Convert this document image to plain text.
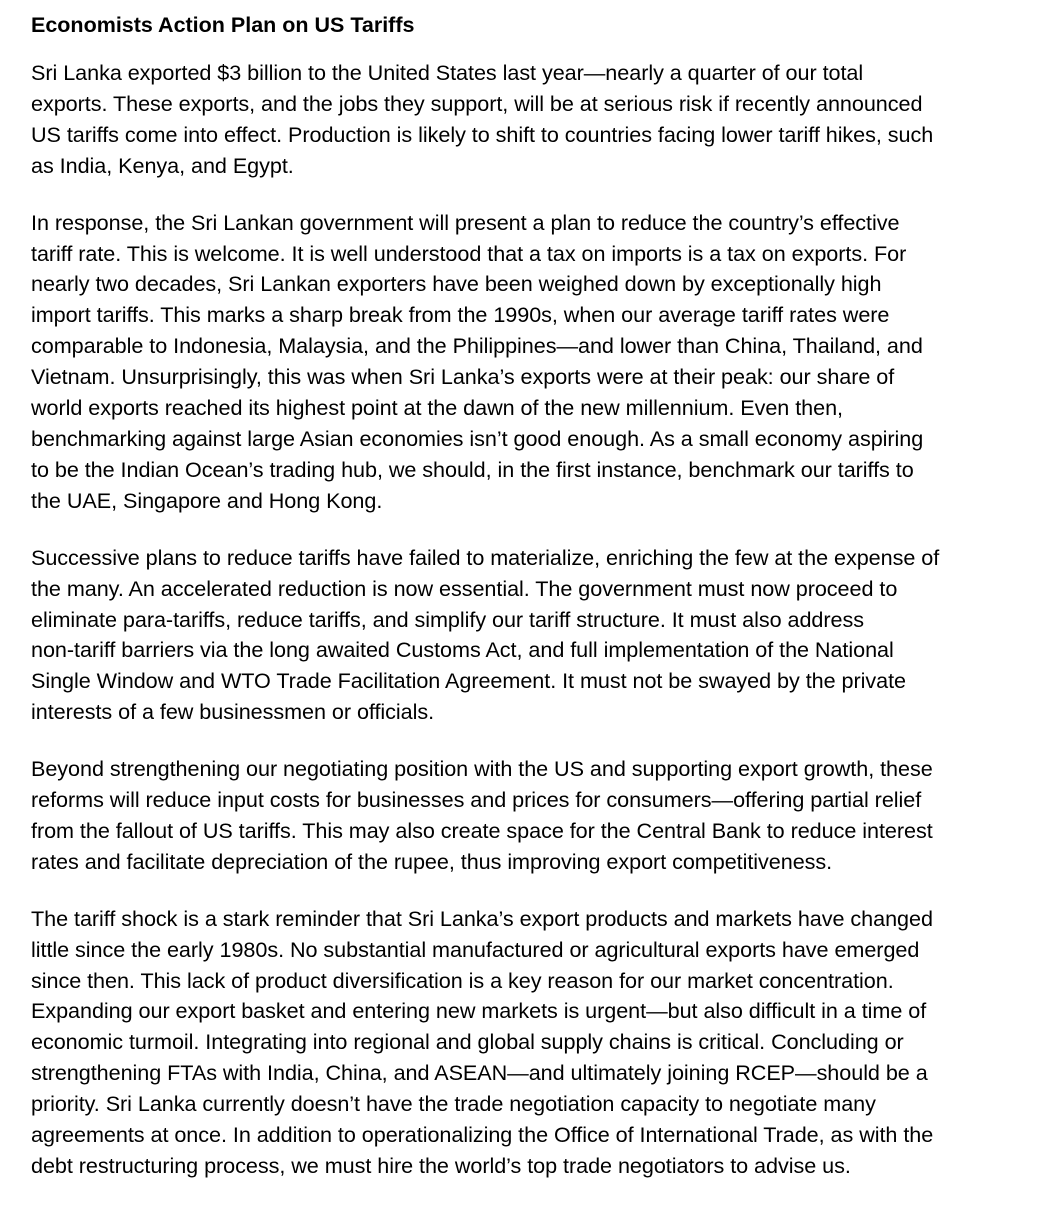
Economists Action Plan on US Tariffs
Sri Lanka exported $3 billion to the United States last year—nearly a quarter of our total
exports. These exports, and the jobs they support, will be at serious risk if recently announced
US tariffs come into effect. Production is likely to shift to countries facing lower tariff hikes, such
as India, Kenya, and Egypt.
In response, the Sri Lankan government will present a plan to reduce the country’s effective
tariff rate. This is welcome. It is well understood that a tax on imports is a tax on exports. For
nearly two decades, Sri Lankan exporters have been weighed down by exceptionally high
import tariffs. This marks a sharp break from the 1990s, when our average tariff rates were
comparable to Indonesia, Malaysia, and the Philippines—and lower than China, Thailand, and
Vietnam. Unsurprisingly, this was when Sri Lanka’s exports were at their peak: our share of
world exports reached its highest point at the dawn of the new millennium. Even then,
benchmarking against large Asian economies isn’t good enough. As a small economy aspiring
to be the Indian Ocean’s trading hub, we should, in the first instance, benchmark our tariffs to
the UAE, Singapore and Hong Kong.
Successive plans to reduce tariffs have failed to materialize, enriching the few at the expense of
the many. An accelerated reduction is now essential. The government must now proceed to
eliminate para-tariffs, reduce tariffs, and simplify our tariff structure. It must also address
non-tariff barriers via the long awaited Customs Act, and full implementation of the National
Single Window and WTO Trade Facilitation Agreement. It must not be swayed by the private
interests of a few businessmen or officials.
Beyond strengthening our negotiating position with the US and supporting export growth, these
reforms will reduce input costs for businesses and prices for consumers—offering partial relief
from the fallout of US tariffs. This may also create space for the Central Bank to reduce interest
rates and facilitate depreciation of the rupee, thus improving export competitiveness.
The tariff shock is a stark reminder that Sri Lanka’s export products and markets have changed
little since the early 1980s. No substantial manufactured or agricultural exports have emerged
since then. This lack of product diversification is a key reason for our market concentration.
Expanding our export basket and entering new markets is urgent—but also difficult in a time of
economic turmoil. Integrating into regional and global supply chains is critical. Concluding or
strengthening FTAs with India, China, and ASEAN—and ultimately joining RCEP—should be a
priority. Sri Lanka currently doesn’t have the trade negotiation capacity to negotiate many
agreements at once. In addition to operationalizing the Office of International Trade, as with the
debt restructuring process, we must hire the world’s top trade negotiators to advise us.
